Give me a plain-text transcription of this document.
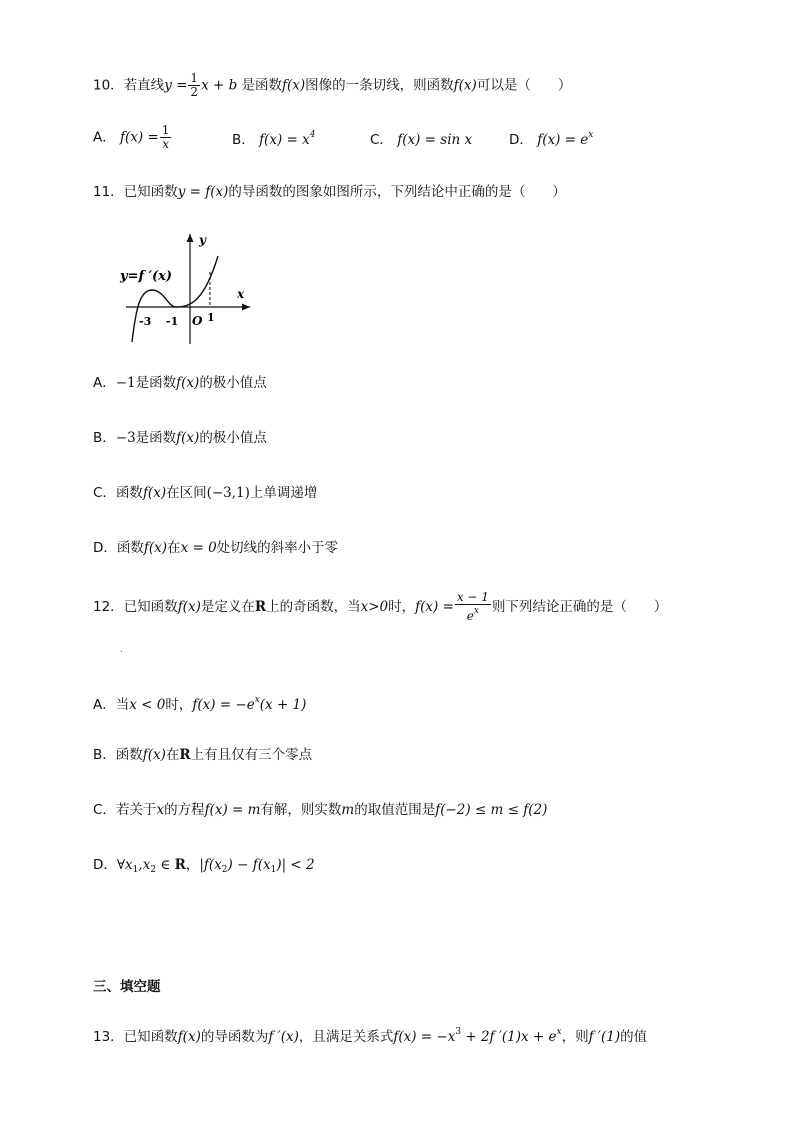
10．若直线$y = \frac{1}{2}$ x + b 是函数f(x)图像的一条切线，则函数f(x)可以是（　　）
A． $f(x) = \frac{1}{x}$	B． $f(x) = x^4$	C． f(x) = sin x	D． $f(x) = e^x$
11．已知函数y = f(x)的导函数的图象如图所示，下列结论中正确的是（　　）
y=f ′(x)
y
x
O
-3 -1	1
A．−1是函数f(x)的极小值点
B．−3是函数f(x)的极小值点
C．函数f(x)在区间(−3,1)上单调递增
D．函数f(x)在x = 0处切线的斜率小于零
12．已知函数f(x)是定义在R上的奇函数，当x>0时，$f(x) = \frac{x - 1}{e^x}$ 则下列结论正确的是（　　）
.
A．当x < 0时，$f(x) = -e^x(x + 1)$
B．函数f(x)在R上有且仅有三个零点
C．若关于x的方程f(x) = m有解，则实数m的取值范围是f(−2) ≤ m ≤ f(2)
D．$\forall x_1,x_2$ ∈ R，$|f(x_2) - f(x_1)| < 2$
三、填空题
13．已知函数f(x)的导函数为f ′(x)，且满足关系式$f(x) = -x^3 + 2f$ $'(1)x + e^x$，则f ′(1)的值
